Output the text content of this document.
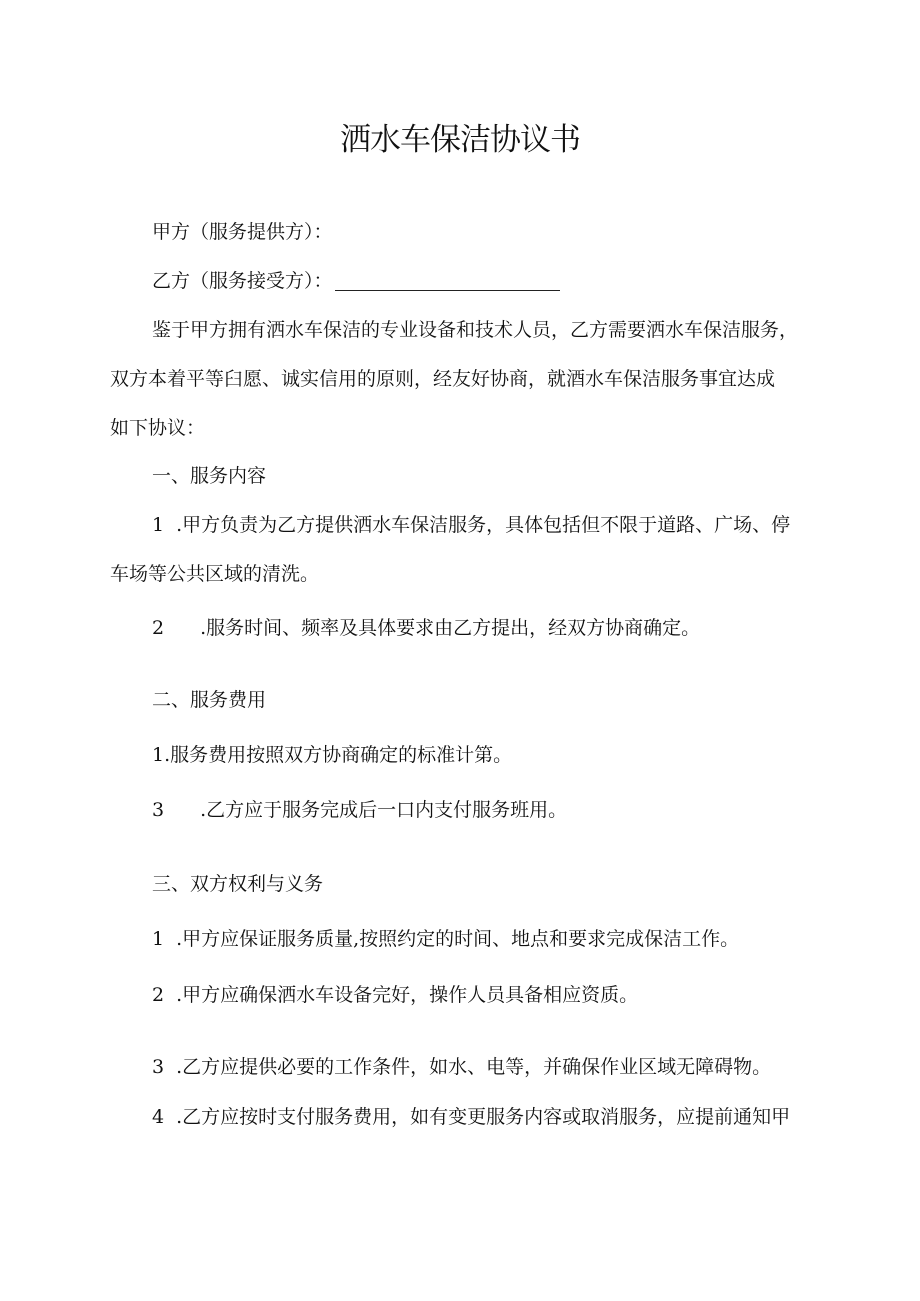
洒水车保洁协议书
甲方（服务提供方）：
乙方（服务接受方）：
鉴于甲方拥有洒水车保洁的专业设备和技术人员，乙方需要洒水车保洁服务，
双方本着平等臼愿、诚实信用的原则，经友好协商，就酒水车保洁服务事宜达成
如下协议：
一、服务内容
1 .甲方负责为乙方提供洒水车保洁服务，具体包括但不限于道路、广场、停
车场等公共区域的清洗。
2 .服务时间、频率及具体要求由乙方提出，经双方协商确定。
二、服务费用
1.服务费用按照双方协商确定的标准计第。
3 .乙方应于服务完成后一口内支付服务班用。
三、双方权利与义务
1 .甲方应保证服务质量,按照约定的时间、地点和要求完成保洁工作。
2 .甲方应确保洒水车设备完好，操作人员具备相应资质。
3 .乙方应提供必要的工作条件，如水、电等，并确保作业区域无障碍物。
4 .乙方应按时支付服务费用，如有变更服务内容或取消服务，应提前通知甲
